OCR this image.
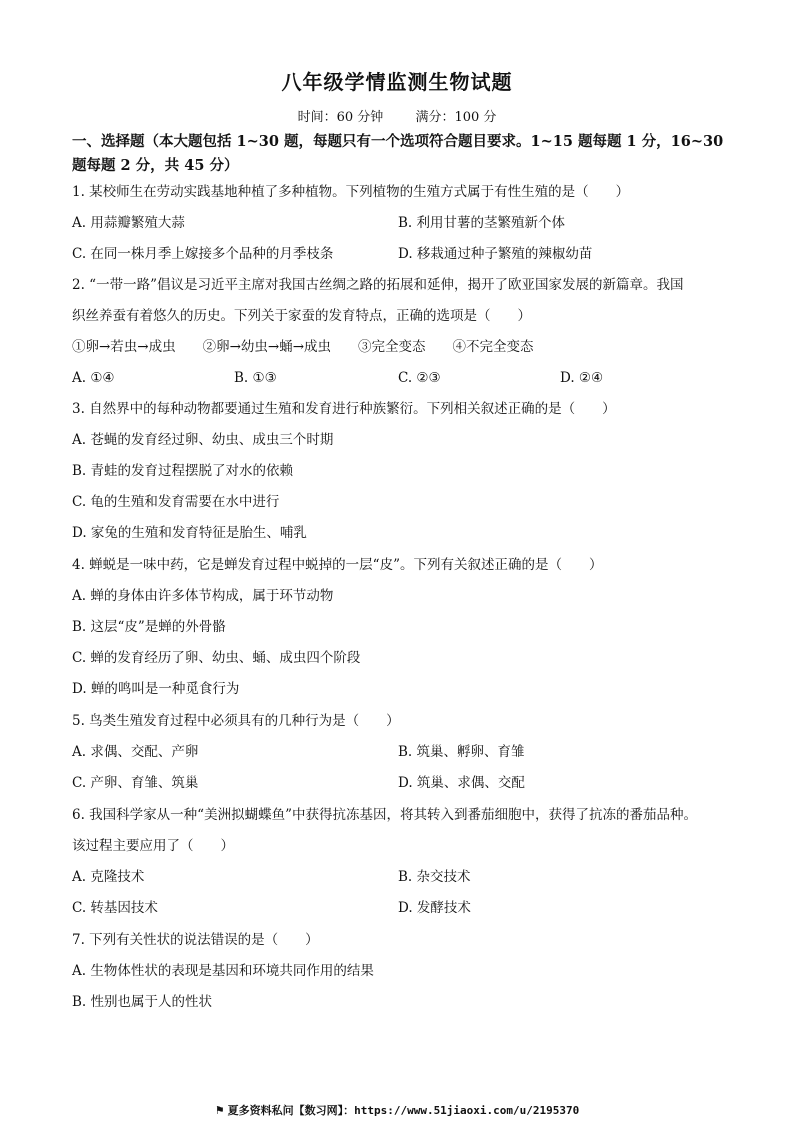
八年级学情监测生物试题
时间：60 分钟 满分：100 分
一、选择题（本大题包括 1~30 题，每题只有一个选项符合题目要求。1~15 题每题 1 分，16~30
题每题 2 分，共 45 分）
1. 某校师生在劳动实践基地种植了多种植物。下列植物的生殖方式属于有性生殖的是（　　）
A. 用蒜瓣繁殖大蒜	B. 利用甘薯的茎繁殖新个体
C. 在同一株月季上嫁接多个品种的月季枝条	D. 移栽通过种子繁殖的辣椒幼苗
2. “一带一路”倡议是习近平主席对我国古丝绸之路的拓展和延伸，揭开了欧亚国家发展的新篇章。我国
织丝养蚕有着悠久的历史。下列关于家蚕的发育特点，正确的选项是（　　）
①卵→若虫→成虫　　②卵→幼虫→蛹→成虫　　③完全变态　　④不完全变态
A. ①④	B. ①③	C. ②③	D. ②④
3. 自然界中的每种动物都要通过生殖和发育进行种族繁衍。下列相关叙述正确的是（　　）
A. 苍蝇的发育经过卵、幼虫、成虫三个时期
B. 青蛙的发育过程摆脱了对水的依赖
C. 龟的生殖和发育需要在水中进行
D. 家兔的生殖和发育特征是胎生、哺乳
4. 蝉蜕是一味中药，它是蝉发育过程中蜕掉的一层“皮”。下列有关叙述正确的是（　　）
A. 蝉的身体由许多体节构成，属于环节动物
B. 这层“皮”是蝉的外骨骼
C. 蝉的发育经历了卵、幼虫、蛹、成虫四个阶段
D. 蝉的鸣叫是一种觅食行为
5. 鸟类生殖发育过程中必须具有的几种行为是（　　）
A. 求偶、交配、产卵	B. 筑巢、孵卵、育雏
C. 产卵、育雏、筑巢	D. 筑巢、求偶、交配
6. 我国科学家从一种“美洲拟蝴蝶鱼”中获得抗冻基因，将其转入到番茄细胞中，获得了抗冻的番茄品种。
该过程主要应用了（　　）
A. 克隆技术	B. 杂交技术
C. 转基因技术	D. 发酵技术
7. 下列有关性状的说法错误的是（　　）
A. 生物体性状的表现是基因和环境共同作用的结果
B. 性别也属于人的性状
⚑ 夏多资料私问【数习网】：https://www.51jiaoxi.com/u/2195370
